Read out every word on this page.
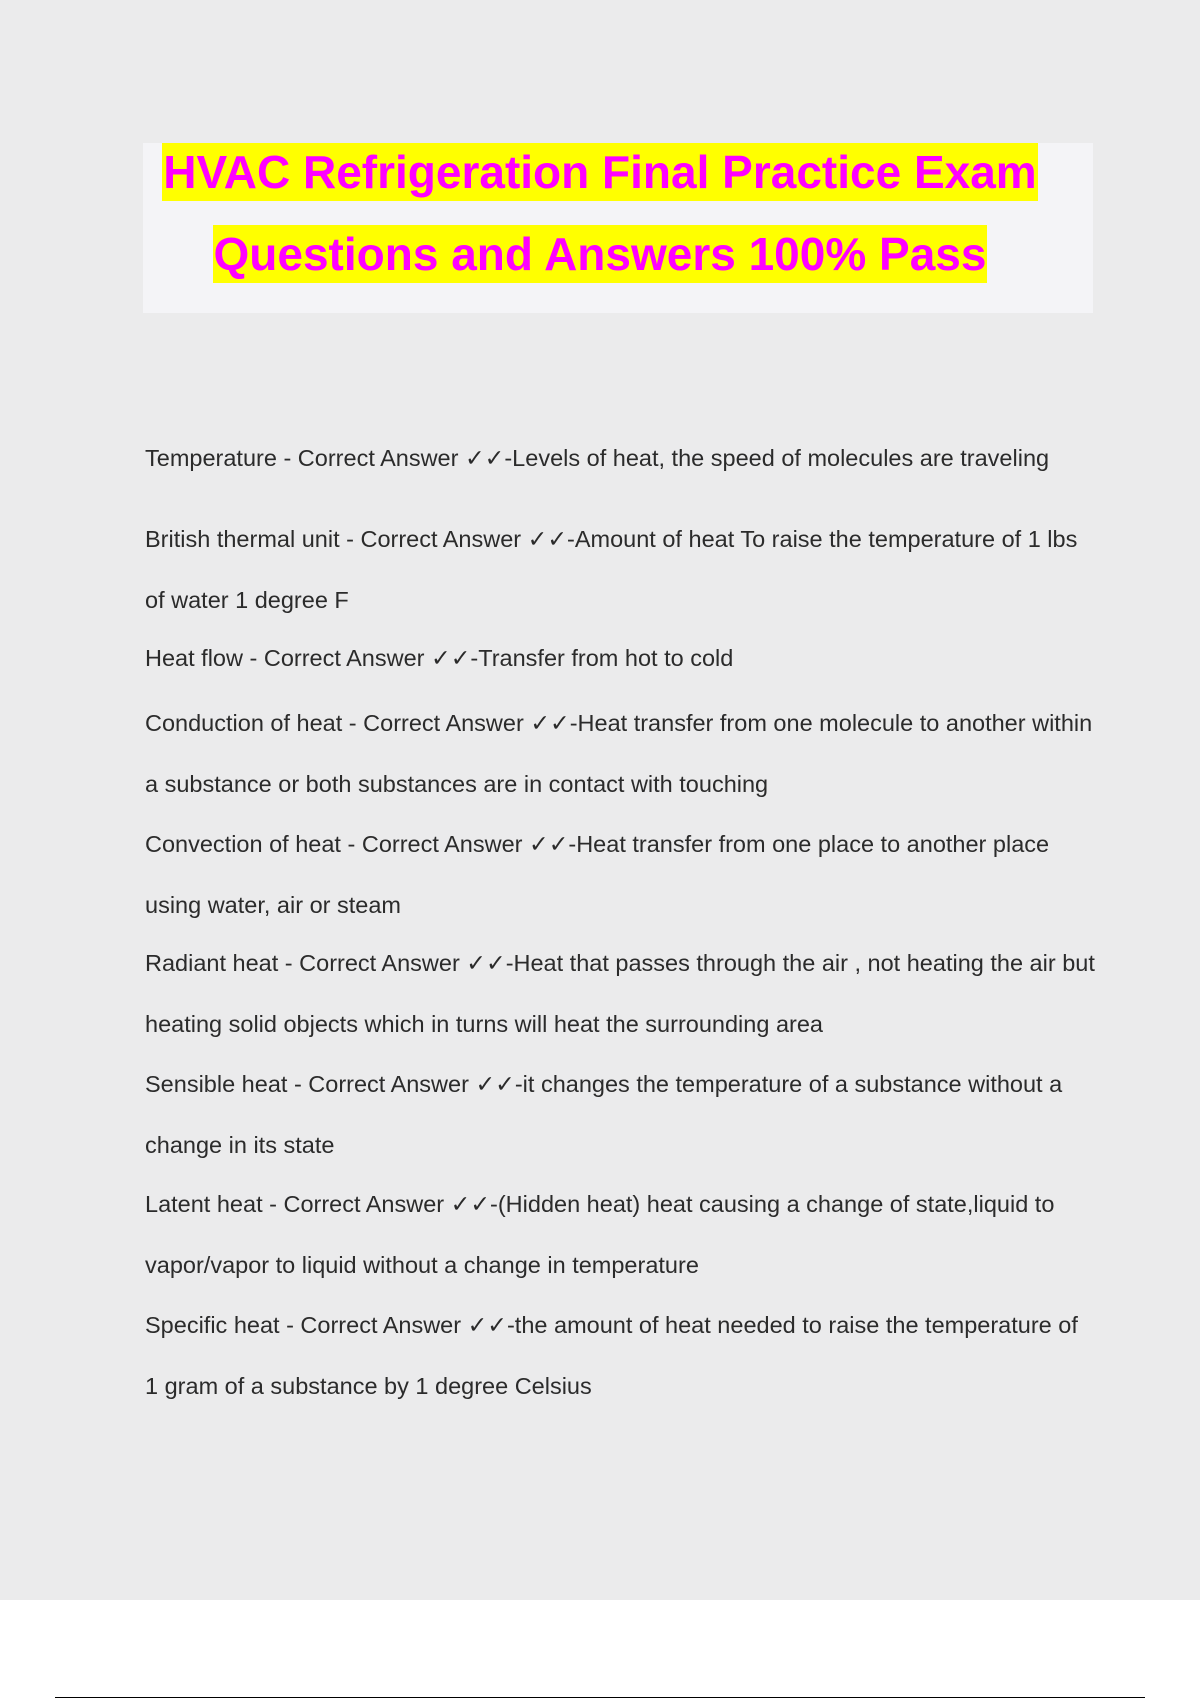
HVAC Refrigeration Final Practice Exam
Questions and Answers 100% Pass

Temperature - Correct Answer ✓✓-Levels of heat, the speed of molecules are traveling

British thermal unit - Correct Answer ✓✓-Amount of heat To raise the temperature of 1 lbs of water 1 degree F

Heat flow - Correct Answer ✓✓-Transfer from hot to cold

Conduction of heat - Correct Answer ✓✓-Heat transfer from one molecule to another within a substance or both substances are in contact with touching

Convection of heat - Correct Answer ✓✓-Heat transfer from one place to another place using water, air or steam

Radiant heat - Correct Answer ✓✓-Heat that passes through the air , not heating the air but heating solid objects which in turns will heat the surrounding area

Sensible heat - Correct Answer ✓✓-it changes the temperature of a substance without a change in its state

Latent heat - Correct Answer ✓✓-(Hidden heat) heat causing a change of state,liquid to vapor/vapor to liquid without a change in temperature

Specific heat - Correct Answer ✓✓-the amount of heat needed to raise the temperature of 1 gram of a substance by 1 degree Celsius
